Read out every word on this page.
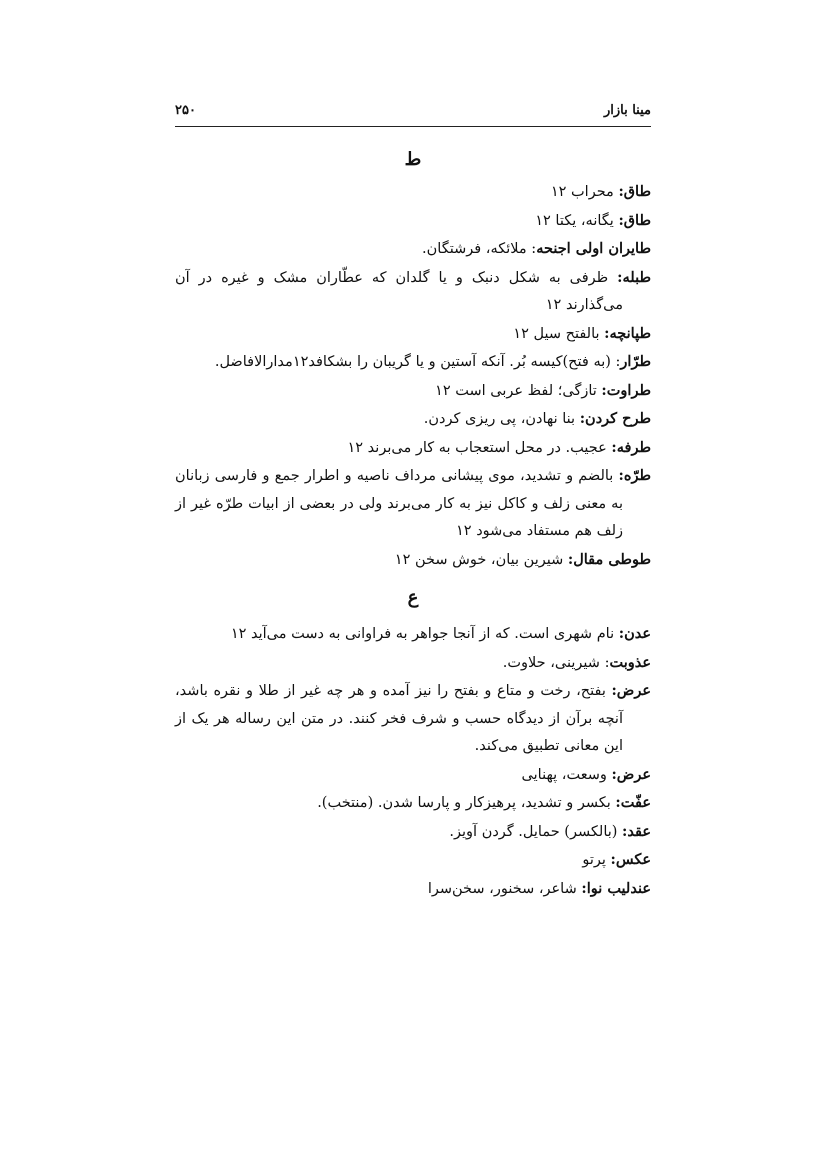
مینا بازار
۲۵۰
ط
طاق: محراب ۱۲
طاق: یگانه، یکتا ۱۲
طایران اولی اجنحه: ملائکه، فرشتگان.
طبله: ظرفی به شکل دنبک و یا گلدان که عطّاران مشک و غیره در آن می‌گذارند ۱۲
طپانچه: بالفتح سیل ۱۲
طرّار: (به فتح)کیسه بُر. آنکه آستین و یا گریبان را بشکافد۱۲مدارالافاضل.
طراوت: تازگی؛ لفظ عربی است ۱۲
طرح کردن: بنا نهادن، پی ریزی کردن.
طرفه: عجیب. در محل استعجاب به کار می‌برند ۱۲
طرّه: بالضم و تشدید، موی پیشانی مرداف ناصیه و اطرار جمع و فارسی زبانان به معنی زلف و کاکل نیز به کار می‌برند ولی در بعضی از ابیات طرّه غیر از زلف هم مستفاد می‌شود ۱۲
طوطی مقال: شیرین بیان، خوش سخن ۱۲
ع
عدن: نام شهری است. که از آنجا جواهر به فراوانی به دست می‌آید ۱۲
عذوبت: شیرینی، حلاوت.
عرض: بفتح، رخت و متاع و بفتح را نیز آمده و هر چه غیر از طلا و نقره باشد، آنچه برآن از دیدگاه حسب و شرف فخر کنند. در متن این رساله هر یک از این معانی تطبیق می‌کند.
عرض: وسعت، پهنایی
عفّت: بکسر و تشدید، پرهیزکار و پارسا شدن. (منتخب).
عقد: (بالکسر) حمایل. گردن آویز.
عکس: پرتو
عندلیب نوا: شاعر، سخنور، سخن‌سرا
